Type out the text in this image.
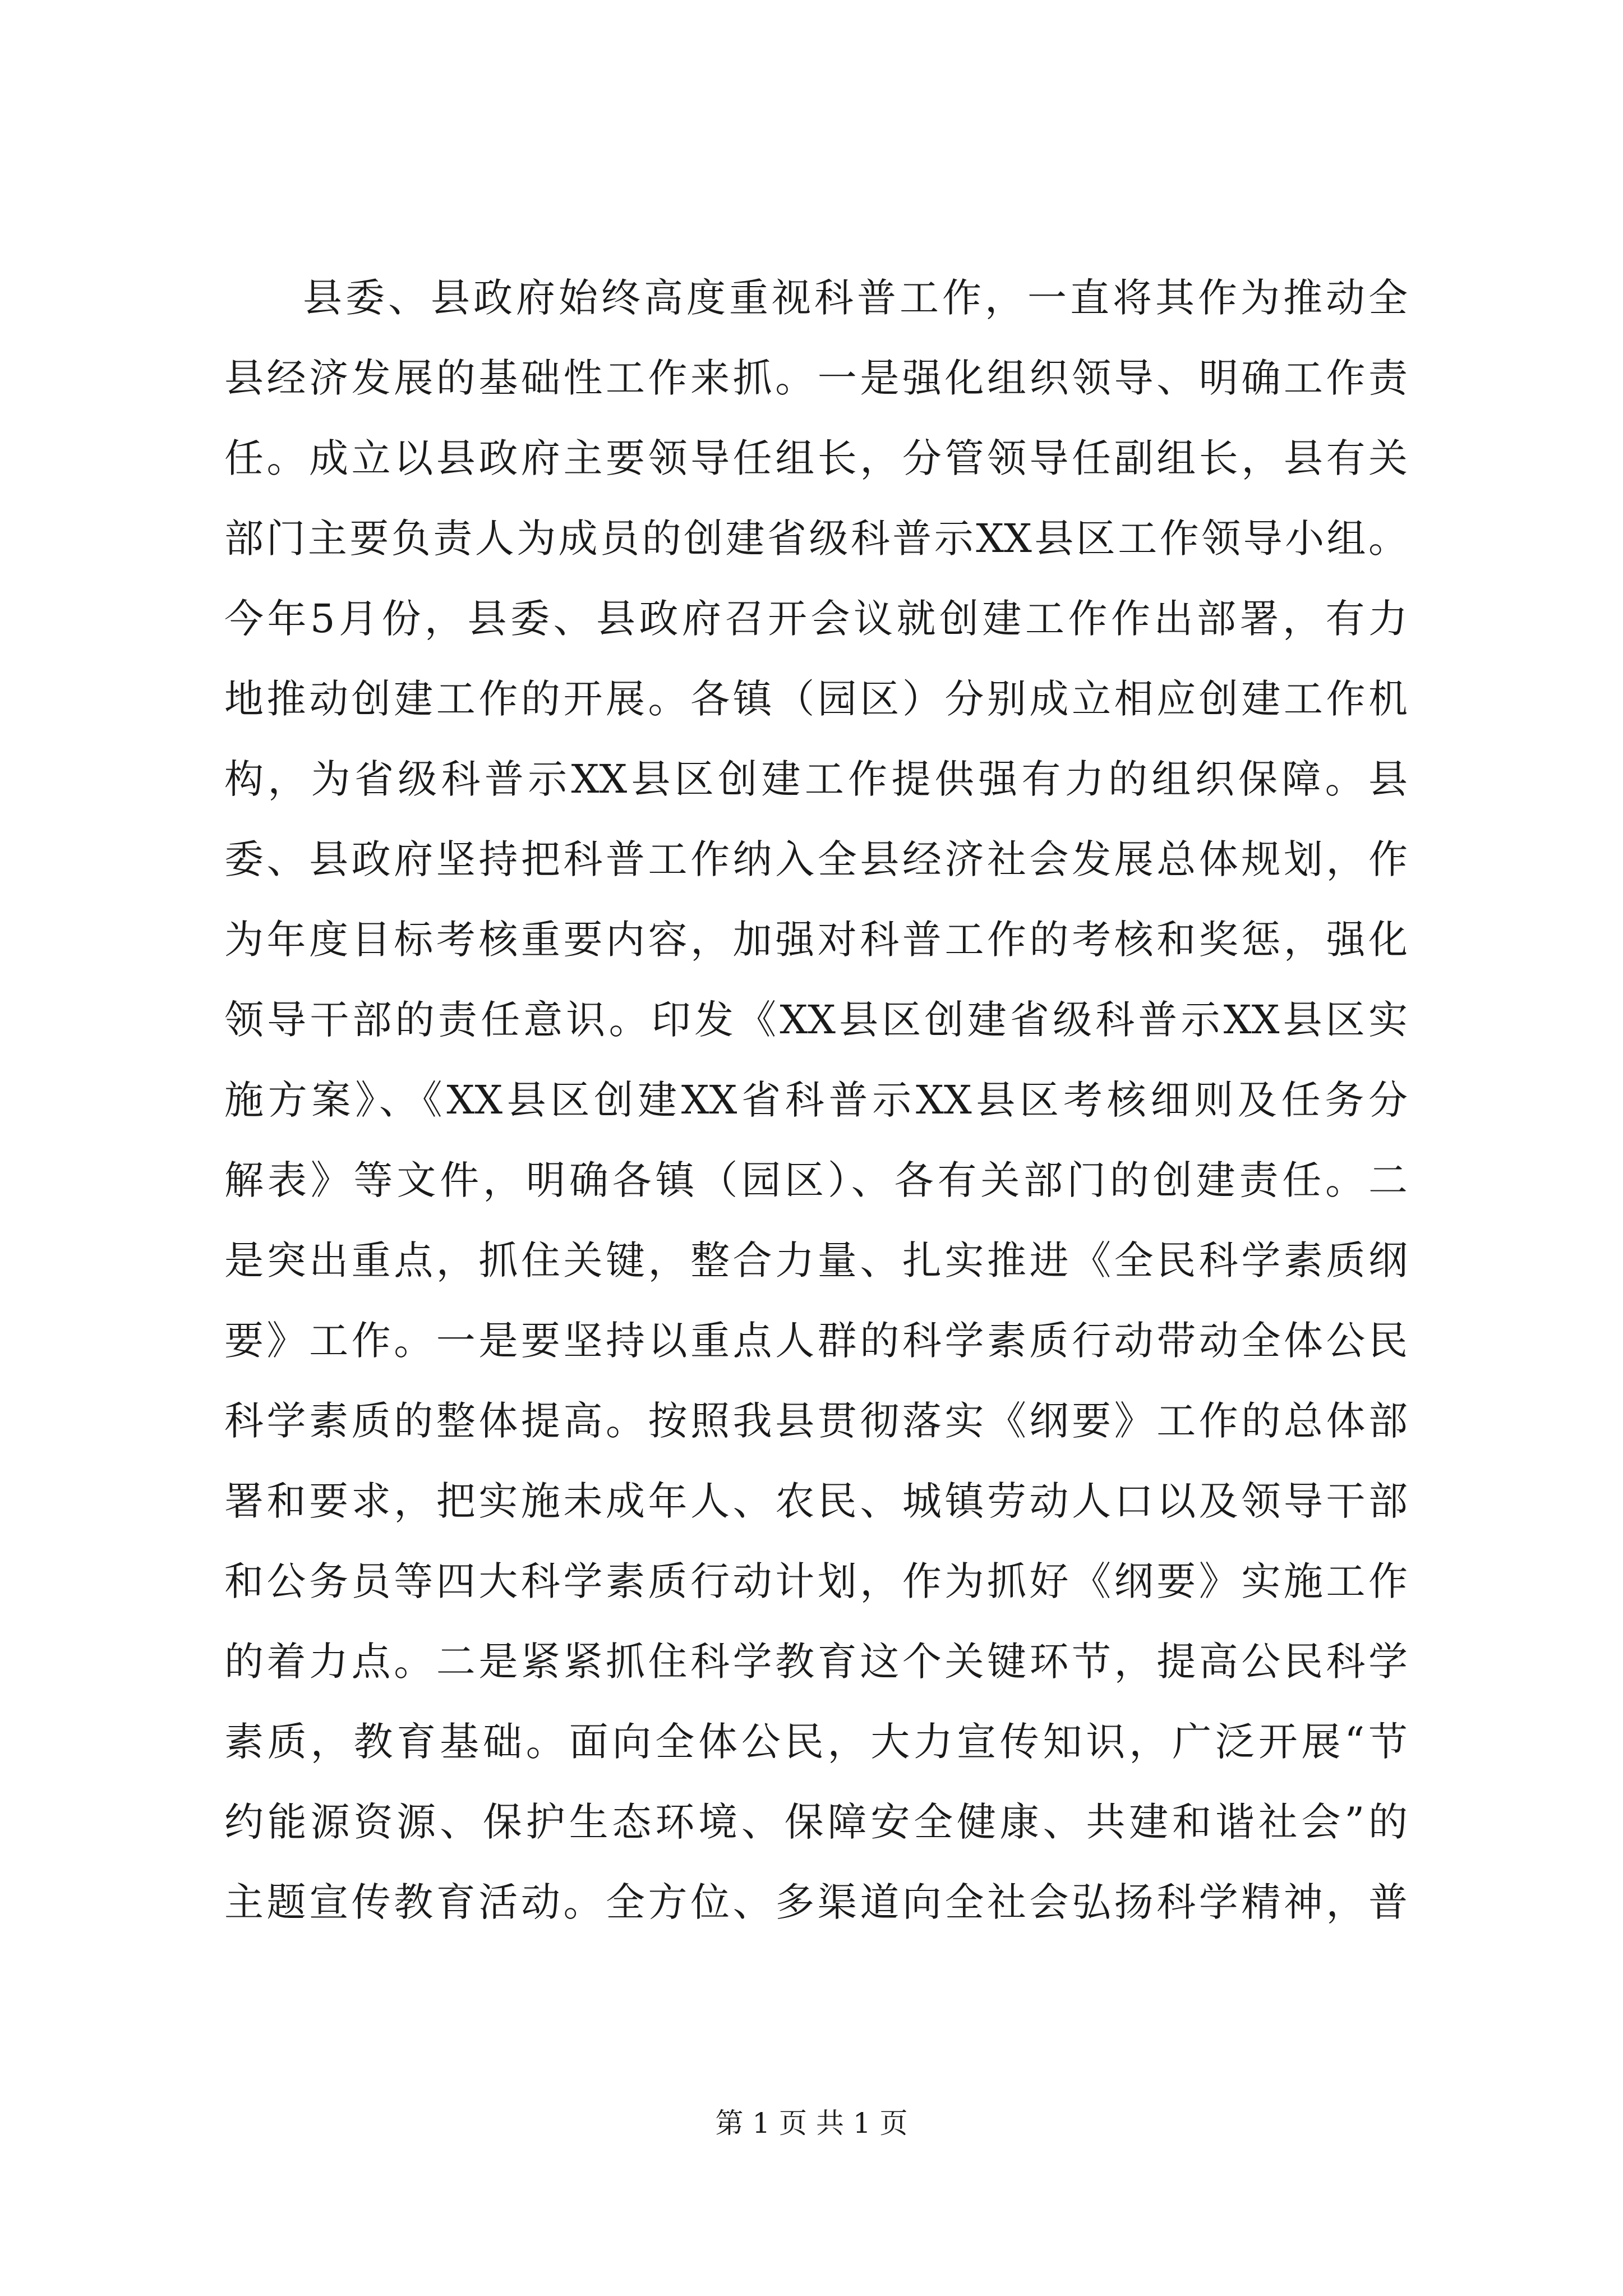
县委、县政府始终高度重视科普工作，一直将其作为推动全
县经济发展的基础性工作来抓。一是强化组织领导、明确工作责
任。成立以县政府主要领导任组长，分管领导任副组长，县有关
部门主要负责人为成员的创建省级科普示XX县区工作领导小组。
今年5月份，县委、县政府召开会议就创建工作作出部署，有力
地推动创建工作的开展。各镇（园区）分别成立相应创建工作机
构，为省级科普示XX县区创建工作提供强有力的组织保障。县
委、县政府坚持把科普工作纳入全县经济社会发展总体规划，作
为年度目标考核重要内容，加强对科普工作的考核和奖惩，强化
领导干部的责任意识。印发《XX县区创建省级科普示XX县区实
施方案》、《XX县区创建XX省科普示XX县区考核细则及任务分
解表》等文件，明确各镇（园区）、各有关部门的创建责任。二
是突出重点，抓住关键，整合力量、扎实推进《全民科学素质纲
要》工作。一是要坚持以重点人群的科学素质行动带动全体公民
科学素质的整体提高。按照我县贯彻落实《纲要》工作的总体部
署和要求，把实施未成年人、农民、城镇劳动人口以及领导干部
和公务员等四大科学素质行动计划，作为抓好《纲要》实施工作
的着力点。二是紧紧抓住科学教育这个关键环节，提高公民科学
素质，教育基础。面向全体公民，大力宣传知识，广泛开展“节
约能源资源、保护生态环境、保障安全健康、共建和谐社会”的
主题宣传教育活动。全方位、多渠道向全社会弘扬科学精神，普
第 1 页 共 1 页
